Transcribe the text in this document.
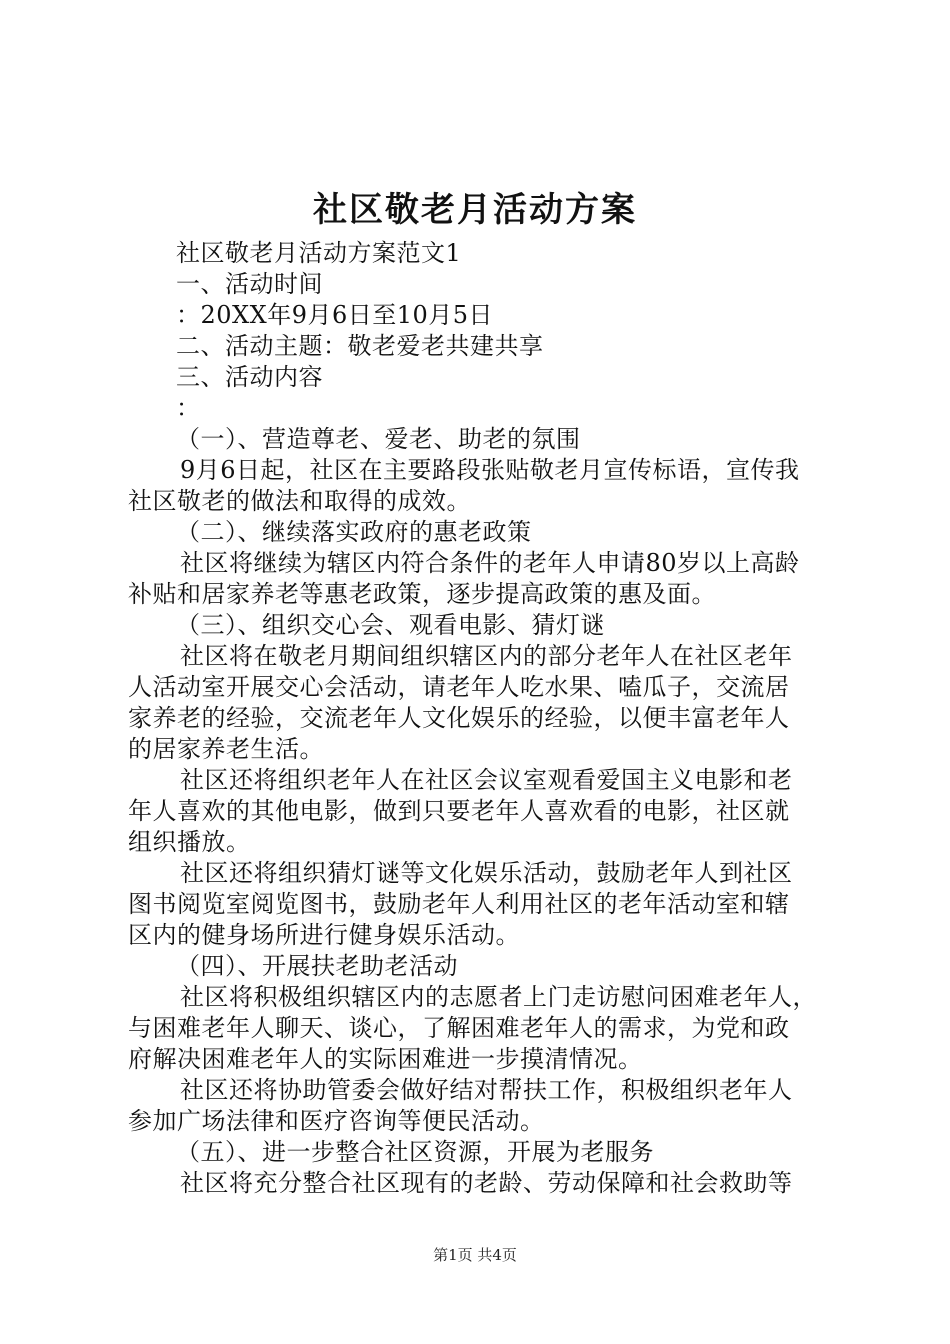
社区敬老月活动方案
社区敬老月活动方案范文1
一、活动时间
：20XX年9月6日至10月5日
二、活动主题：敬老爱老共建共享
三、活动内容
：
（一）、营造尊老、爱老、助老的氛围
9月6日起，社区在主要路段张贴敬老月宣传标语，宣传我
社区敬老的做法和取得的成效。
（二）、继续落实政府的惠老政策
社区将继续为辖区内符合条件的老年人申请80岁以上高龄
补贴和居家养老等惠老政策，逐步提高政策的惠及面。
（三）、组织交心会、观看电影、猜灯谜
社区将在敬老月期间组织辖区内的部分老年人在社区老年
人活动室开展交心会活动，请老年人吃水果、嗑瓜子，交流居
家养老的经验，交流老年人文化娱乐的经验，以便丰富老年人
的居家养老生活。
社区还将组织老年人在社区会议室观看爱国主义电影和老
年人喜欢的其他电影，做到只要老年人喜欢看的电影，社区就
组织播放。
社区还将组织猜灯谜等文化娱乐活动，鼓励老年人到社区
图书阅览室阅览图书，鼓励老年人利用社区的老年活动室和辖
区内的健身场所进行健身娱乐活动。
（四）、开展扶老助老活动
社区将积极组织辖区内的志愿者上门走访慰问困难老年人，
与困难老年人聊天、谈心，了解困难老年人的需求，为党和政
府解决困难老年人的实际困难进一步摸清情况。
社区还将协助管委会做好结对帮扶工作，积极组织老年人
参加广场法律和医疗咨询等便民活动。
（五）、进一步整合社区资源，开展为老服务
社区将充分整合社区现有的老龄、劳动保障和社会救助等
第1页 共4页
